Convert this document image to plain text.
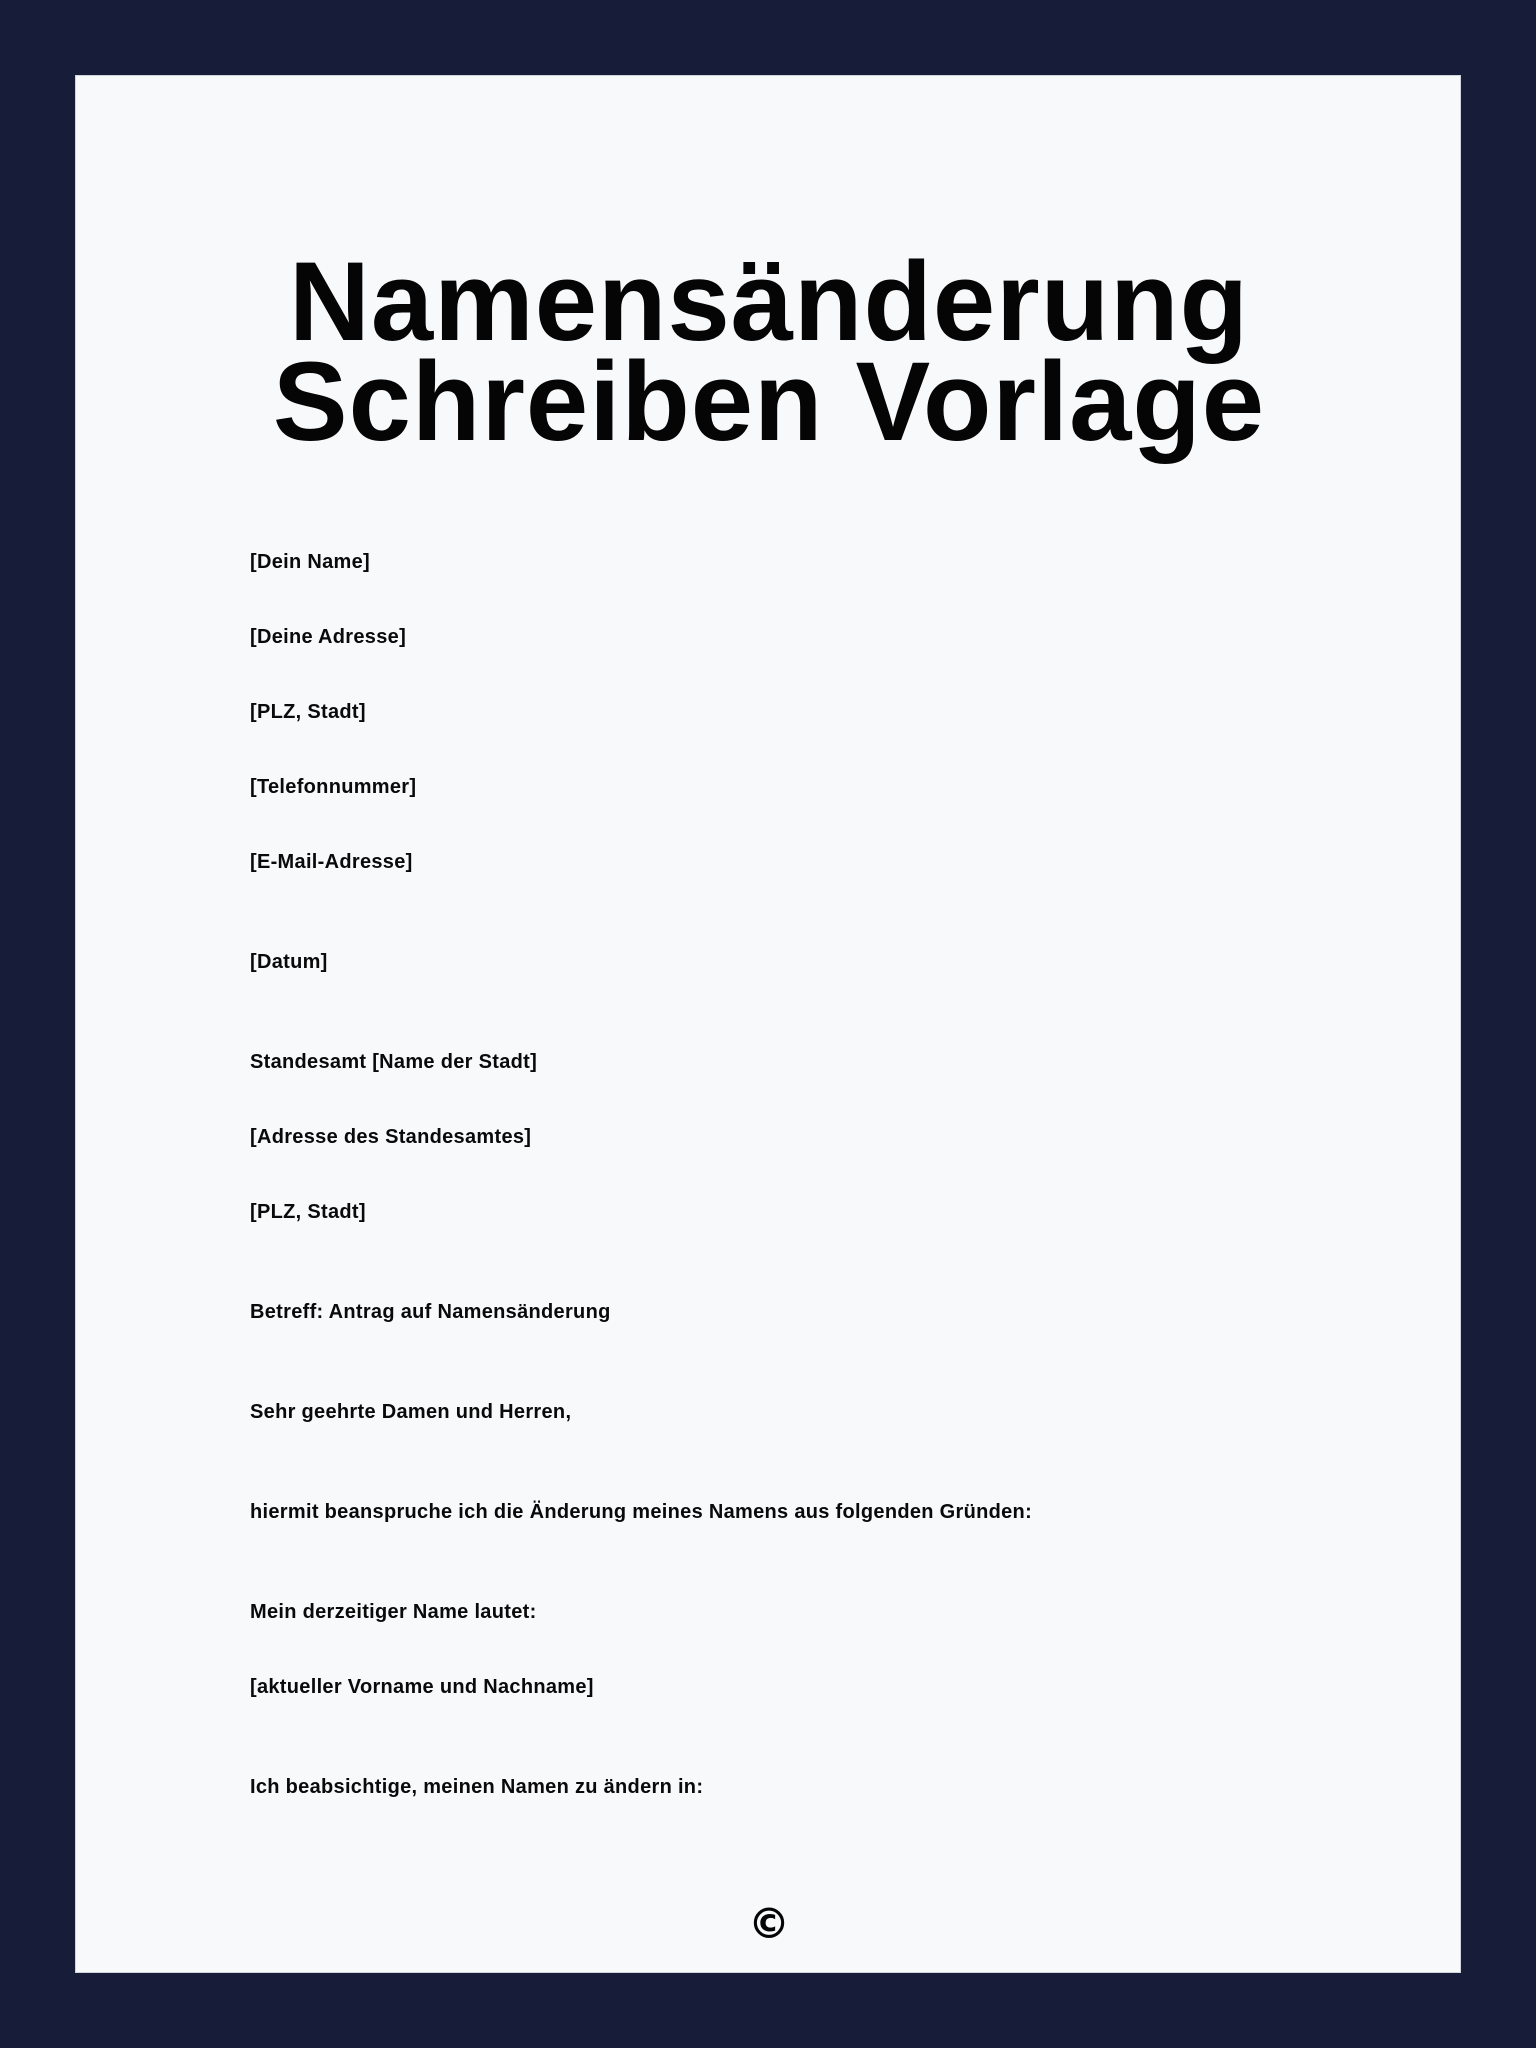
Namensänderung Schreiben Vorlage

[Dein Name]

[Deine Adresse]

[PLZ, Stadt]

[Telefonnummer]

[E-Mail-Adresse]

[Datum]

Standesamt [Name der Stadt]

[Adresse des Standesamtes]

[PLZ, Stadt]

Betreff: Antrag auf Namensänderung

Sehr geehrte Damen und Herren,

hiermit beanspruche ich die Änderung meines Namens aus folgenden Gründen:

Mein derzeitiger Name lautet:

[aktueller Vorname und Nachname]

Ich beabsichtige, meinen Namen zu ändern in:

©
